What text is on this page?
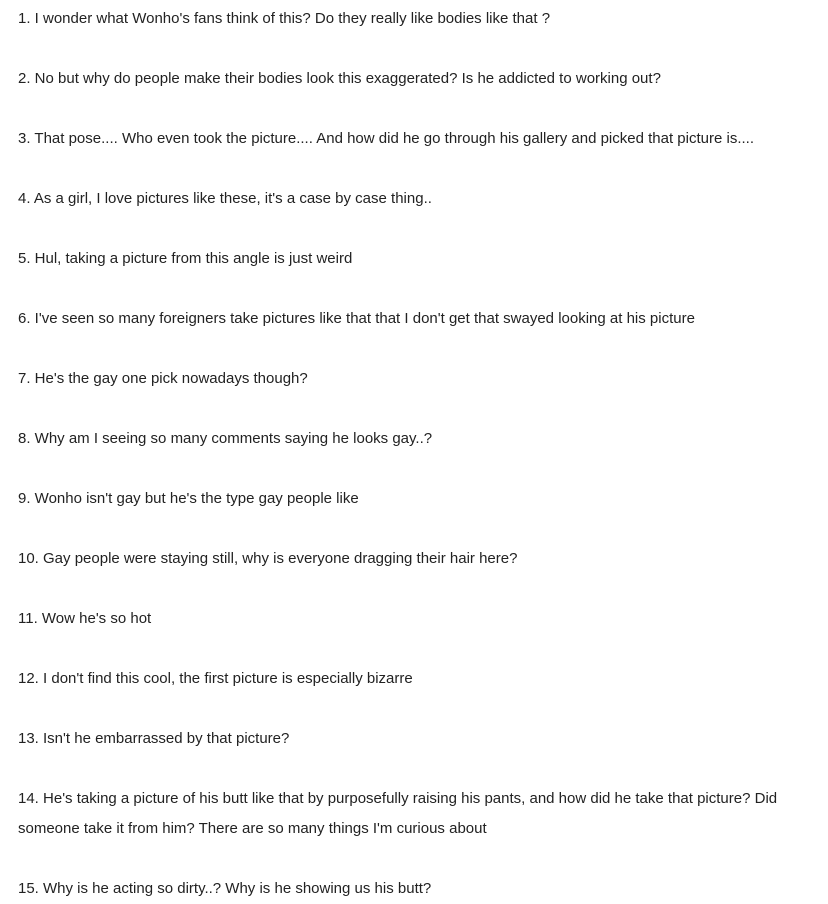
1. I wonder what Wonho's fans think of this? Do they really like bodies like that ?
2. No but why do people make their bodies look this exaggerated? Is he addicted to working out?
3. That pose.... Who even took the picture.... And how did he go through his gallery and picked that picture is....
4. As a girl, I love pictures like these, it's a case by case thing..
5. Hul, taking a picture from this angle is just weird
6. I've seen so many foreigners take pictures like that that I don't get that swayed looking at his picture
7. He's the gay one pick nowadays though?
8. Why am I seeing so many comments saying he looks gay..?
9. Wonho isn't gay but he's the type gay people like
10. Gay people were staying still, why is everyone dragging their hair here?
11. Wow he's so hot
12. I don't find this cool, the first picture is especially bizarre
13. Isn't he embarrassed by that picture?
14. He's taking a picture of his butt like that by purposefully raising his pants, and how did he take that picture? Did someone take it from him? There are so many things I'm curious about
15. Why is he acting so dirty..? Why is he showing us his butt?
